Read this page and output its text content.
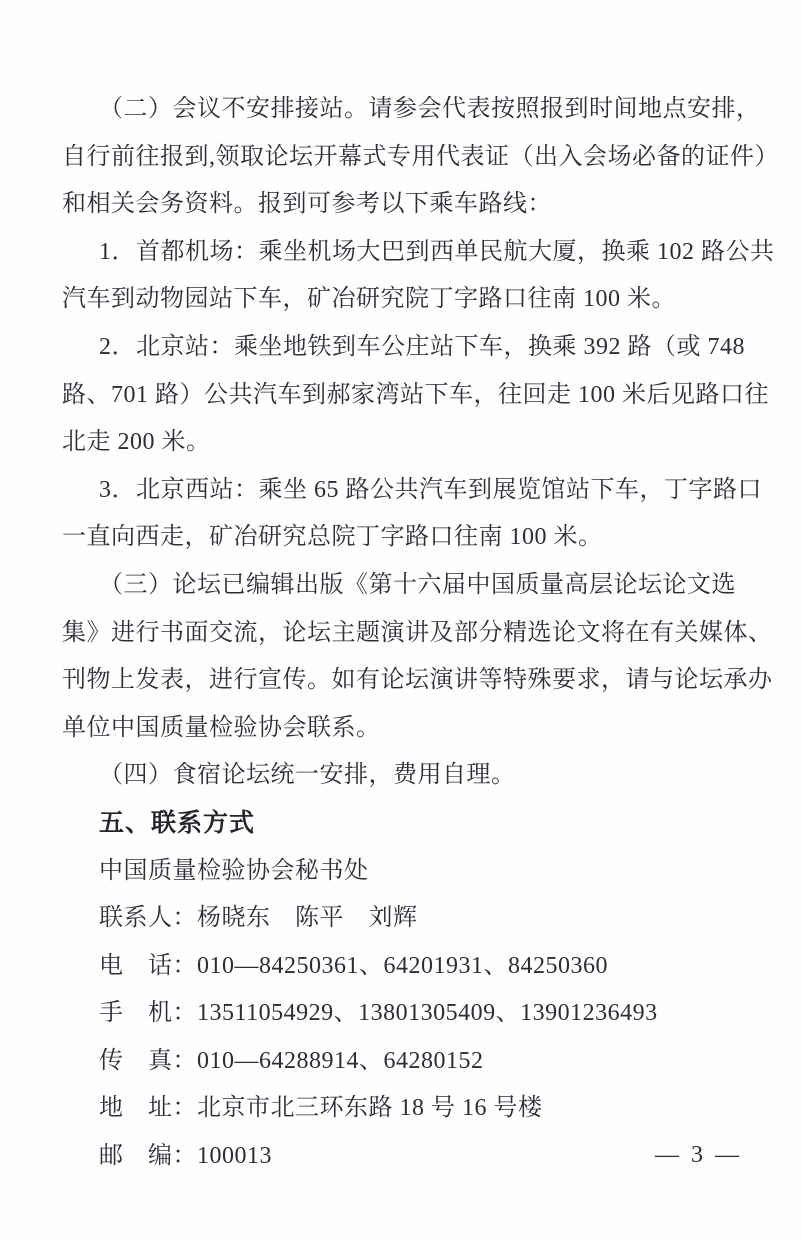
（二）会议不安排接站。请参会代表按照报到时间地点安排，
自行前往报到,领取论坛开幕式专用代表证（出入会场必备的证件）
和相关会务资料。报到可参考以下乘车路线：
1．首都机场：乘坐机场大巴到西单民航大厦，换乘 102 路公共
汽车到动物园站下车，矿冶研究院丁字路口往南 100 米。
2．北京站：乘坐地铁到车公庄站下车，换乘 392 路（或 748
路、701 路）公共汽车到郝家湾站下车，往回走 100 米后见路口往
北走 200 米。
3．北京西站：乘坐 65 路公共汽车到展览馆站下车，丁字路口
一直向西走，矿冶研究总院丁字路口往南 100 米。
（三）论坛已编辑出版《第十六届中国质量高层论坛论文选
集》进行书面交流，论坛主题演讲及部分精选论文将在有关媒体、
刊物上发表，进行宣传。如有论坛演讲等特殊要求，请与论坛承办
单位中国质量检验协会联系。
（四）食宿论坛统一安排，费用自理。
五、联系方式
中国质量检验协会秘书处
联系人：杨晓东　陈平　刘辉
电　话：010—84250361、64201931、84250360
手　机：13511054929、13801305409、13901236493
传　真：010—64288914、64280152
地　址：北京市北三环东路 18 号 16 号楼
邮　编：100013	— 3 —
